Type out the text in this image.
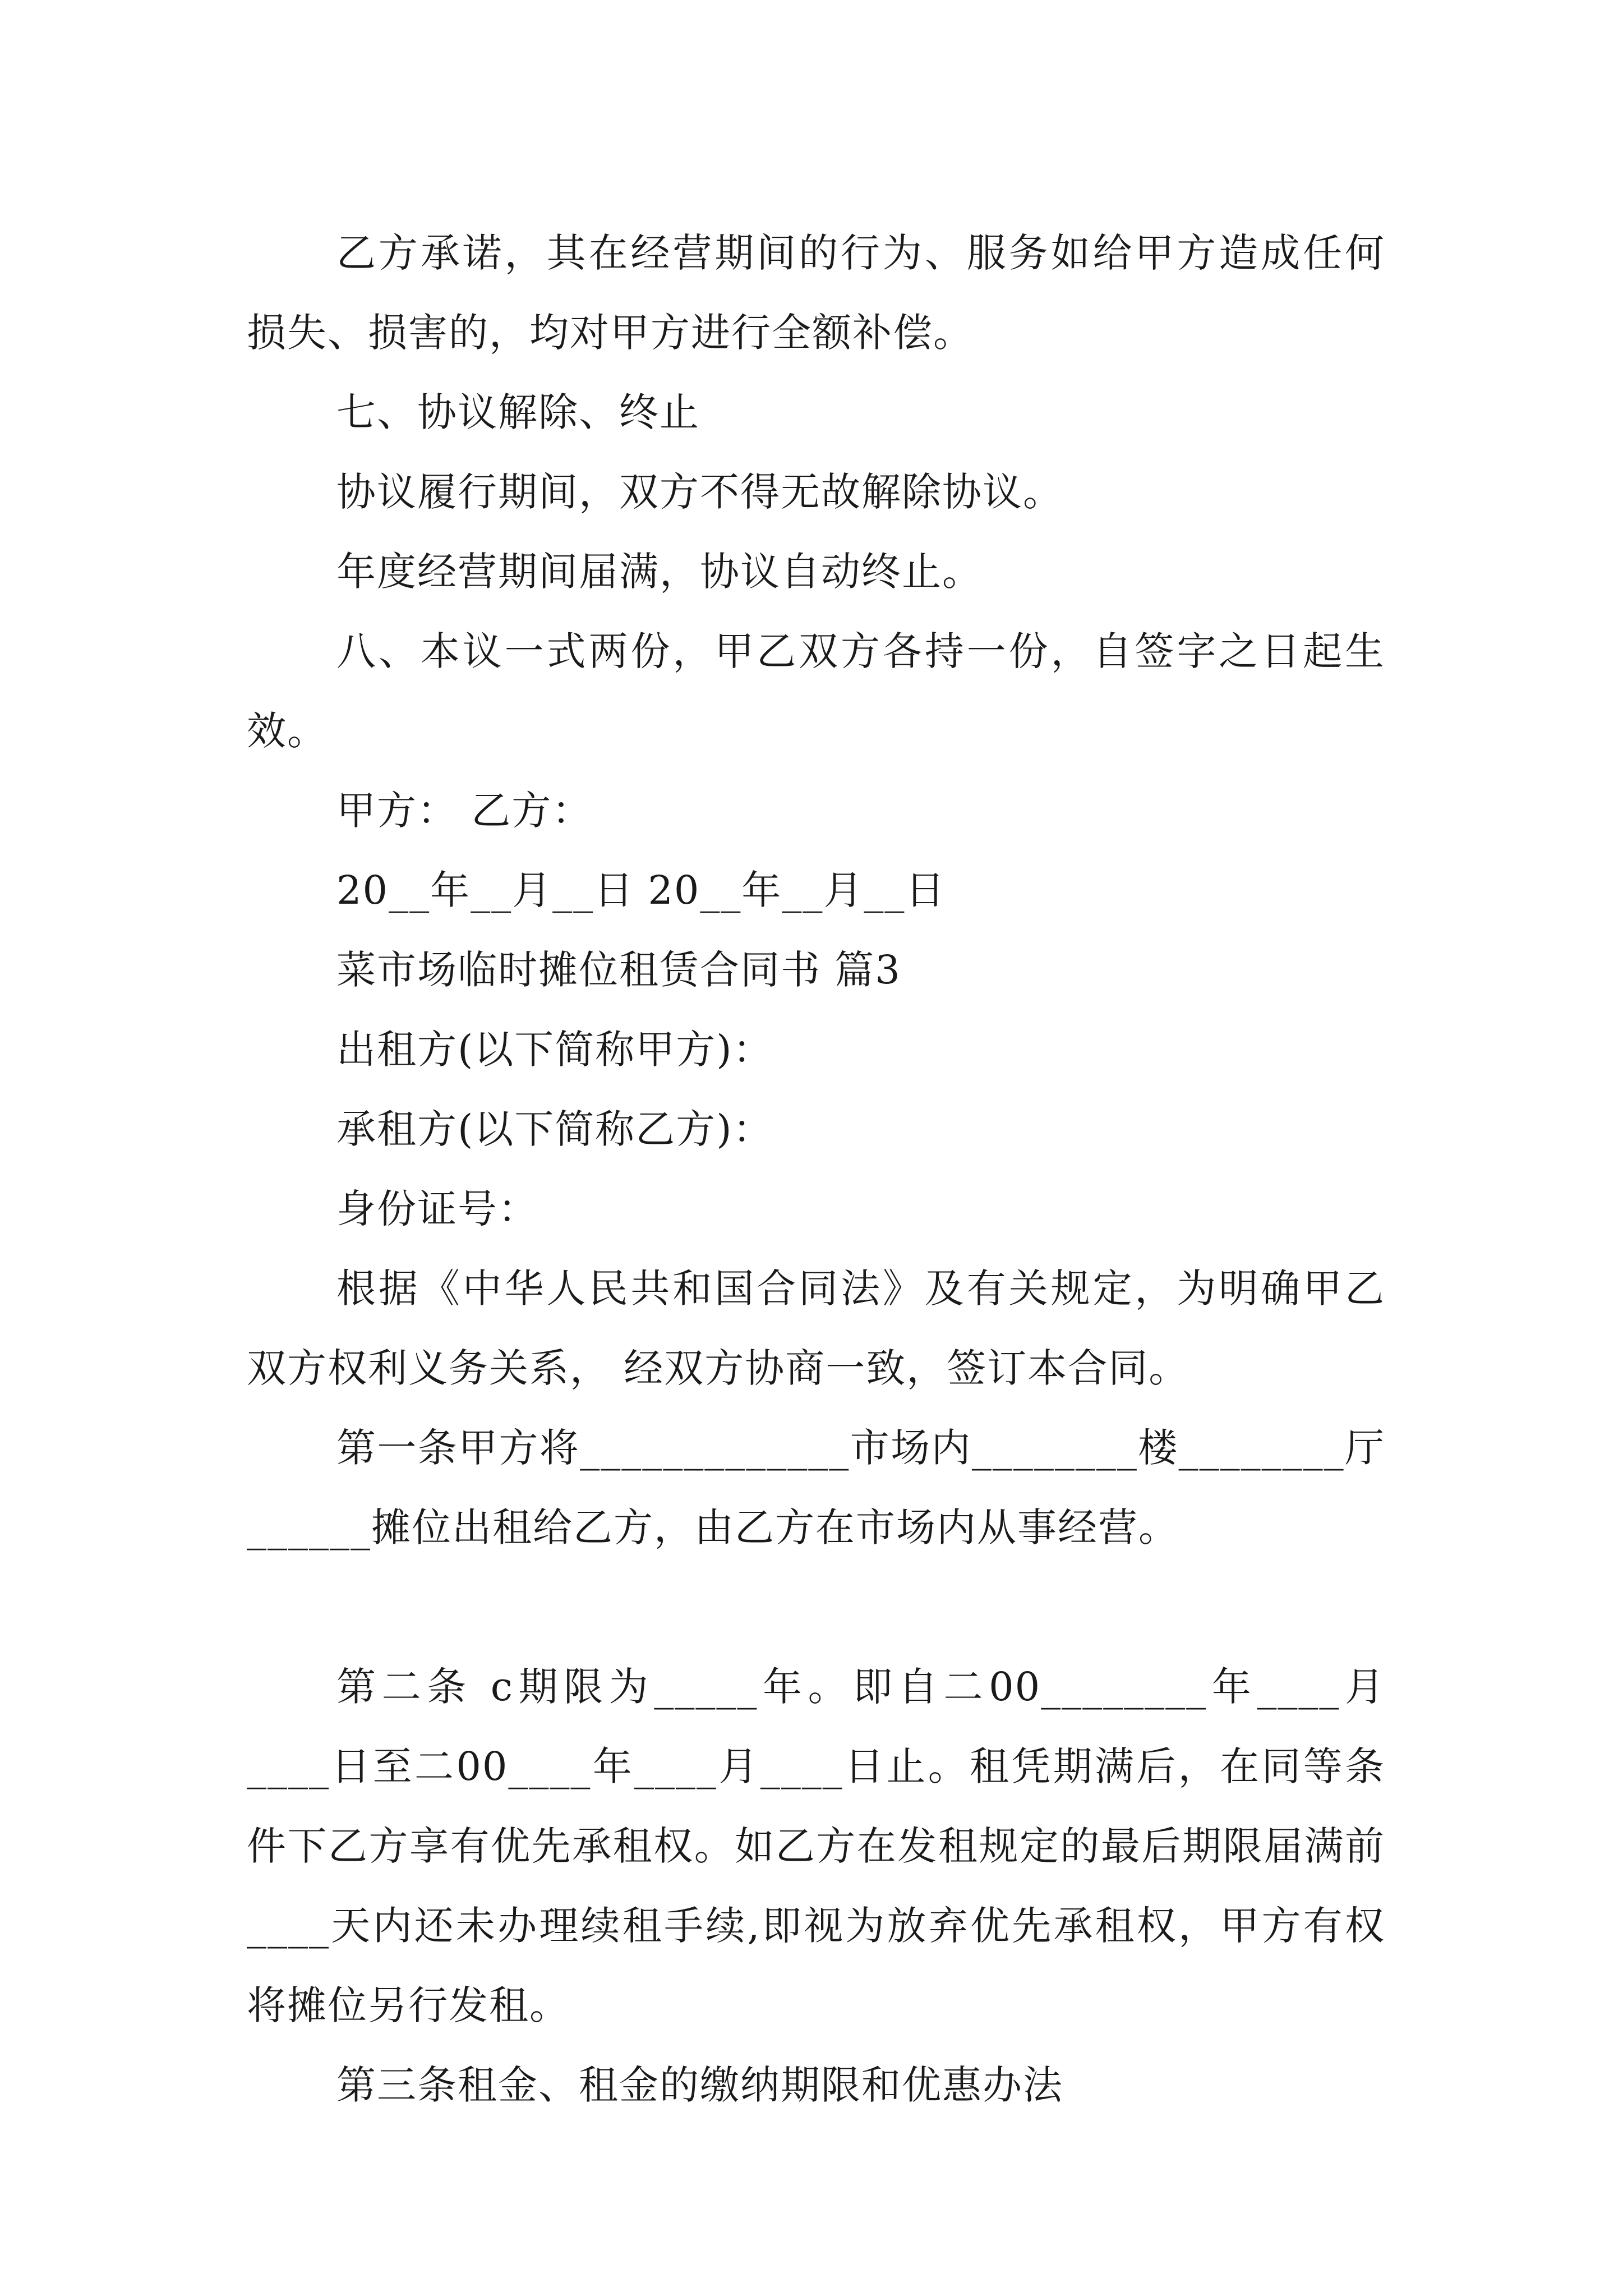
乙方承诺，其在经营期间的行为、服务如给甲方造成任何损失、损害的，均对甲方进行全额补偿。

七、协议解除、终止

协议履行期间，双方不得无故解除协议。

年度经营期间届满，协议自动终止。

八、本议一式两份，甲乙双方各持一份，自签字之日起生效。

甲方： 乙方：

20__年__月__日 20__年__月__日

菜市场临时摊位租赁合同书 篇3

出租方(以下简称甲方)：

承租方(以下简称乙方)：

身份证号：

根据《中华人民共和国合同法》及有关规定，为明确甲乙双方权利义务关系， 经双方协商一致，签订本合同。

第一条甲方将_____________市场内________楼________厅______摊位出租给乙方，由乙方在市场内从事经营。

第二条 c期限为_____年。即自二00________年____月____日至二00____年____月____日止。租凭期满后，在同等条件下乙方享有优先承租权。如乙方在发租规定的最后期限届满前____天内还未办理续租手续,即视为放弃优先承租权，甲方有权将摊位另行发租。

第三条租金、租金的缴纳期限和优惠办法
